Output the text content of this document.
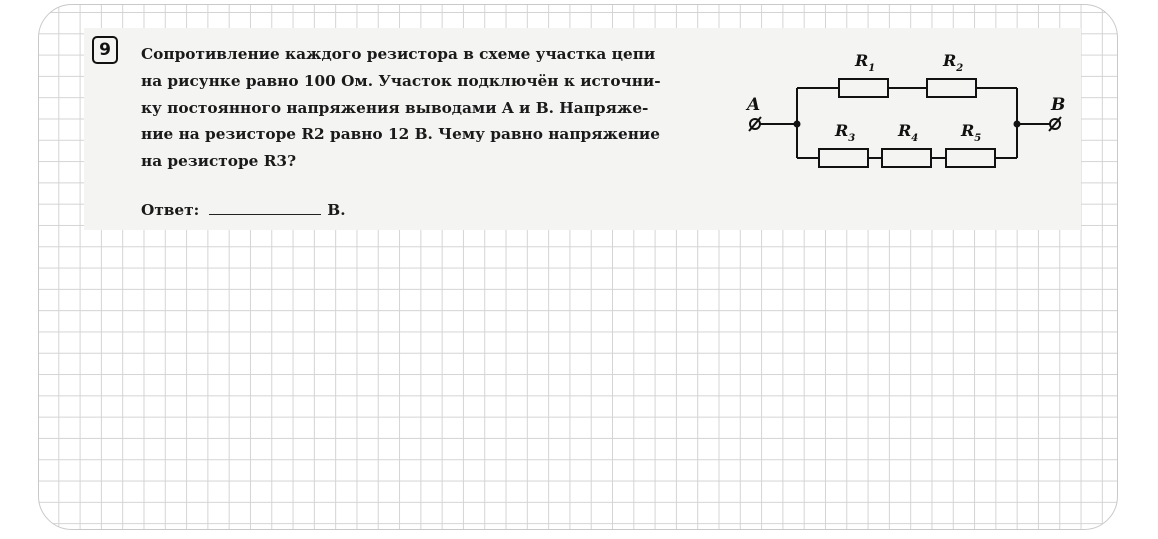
9	Сопротивление каждого резистора в схеме участка цепи
на рисунке равно 100 Ом. Участок подключён к источни-
ку постоянного напряжения выводами A и B. Напряже-
ние на резисторе R2 равно 12 В. Чему равно напряжение
на резисторе R3?

Ответ:	В.
A	B
$R_1$	$R_2$
$R_3$	$R_4$	$R_5$
